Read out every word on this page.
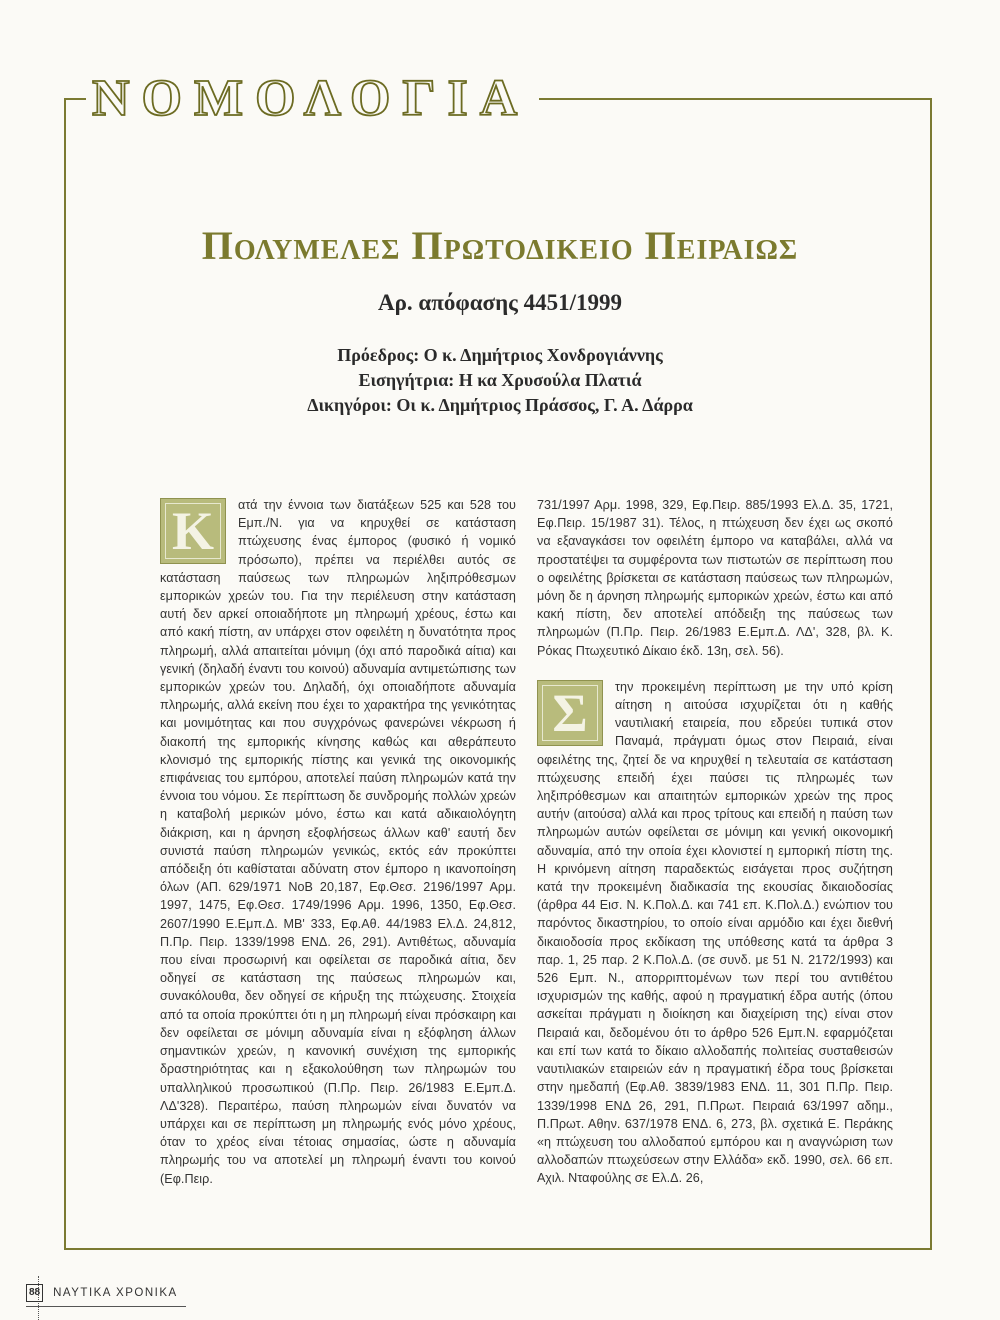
ΝΟΜΟΛΟΓΙΑ
Πολυμελες Πρωτοδικειο Πειραιως
Αρ. απόφασης 4451/1999
Πρόεδρος: Ο κ. Δημήτριος Χονδρογιάννης
Εισηγήτρια: Η κα Χρυσούλα Πλατιά
Δικηγόροι: Οι κ. Δημήτριος Πράσσος, Γ. Α. Δάρρα

Κ	ατά την έννοια των διατάξεων 525 και 528 του Εμπ./Ν. για να κηρυχθεί σε κατάσταση πτώχευσης ένας έμπορος (φυσικό ή νομικό πρόσωπο), πρέπει να περιέλθει αυτός σε κατάσταση παύσεως των πληρωμών ληξιπρόθεσμων εμπορικών χρεών του. Για την περιέλευση στην κατάσταση αυτή δεν αρκεί οποιαδήποτε μη πληρωμή χρέους, έστω και από κακή πίστη, αν υπάρχει στον οφειλέτη η δυνατότητα προς πληρωμή, αλλά απαιτείται μόνιμη (όχι από παροδικά αίτια) και γενική (δηλαδή έναντι του κοινού) αδυναμία αντιμετώπισης των εμπορικών χρεών του. Δηλαδή, όχι οποιαδήποτε αδυναμία πληρωμής, αλλά εκείνη που έχει το χαρακτήρα της γενικότητας και μονιμότητας και που συγχρόνως φανερώνει νέκρωση ή διακοπή της εμπορικής κίνησης καθώς και αθεράπευτο κλονισμό της εμπορικής πίστης και γενικά της οικονομικής επιφάνειας του εμπόρου, αποτελεί παύση πληρωμών κατά την έννοια του νόμου. Σε περίπτωση δε συνδρομής πολλών χρεών η καταβολή μερικών μόνο, έστω και κατά αδικαιολόγητη διάκριση, και η άρνηση εξοφλήσεως άλλων καθ' εαυτή δεν συνιστά παύση πληρωμών γενικώς, εκτός εάν προκύπτει απόδειξη ότι καθίσταται αδύνατη στον έμπορο η ικανοποίηση όλων (ΑΠ. 629/1971 ΝοΒ 20,187, Εφ.Θεσ. 2196/1997 Αρμ. 1997, 1475, Εφ.Θεσ. 1749/1996 Αρμ. 1996, 1350, Εφ.Θεσ. 2607/1990 Ε.Εμπ.Δ. ΜΒ' 333, Εφ.Αθ. 44/1983 Ελ.Δ. 24,812, Π.Πρ. Πειρ. 1339/1998 ΕΝΔ. 26, 291). Αντιθέτως, αδυναμία που είναι προσωρινή και οφείλεται σε παροδικά αίτια, δεν οδηγεί σε κατάσταση της παύσεως πληρωμών και, συνακόλουθα, δεν οδηγεί σε κήρυξη της πτώχευσης. Στοιχεία από τα οποία προκύπτει ότι η μη πληρωμή είναι πρόσκαιρη και δεν οφείλεται σε μόνιμη αδυναμία είναι η εξόφληση άλλων σημαντικών χρεών, η κανονική συνέχιση της εμπορικής δραστηριότητας και η εξακολούθηση των πληρωμών του υπαλληλικού προσωπικού (Π.Πρ. Πειρ. 26/1983 Ε.Εμπ.Δ. ΛΔ'328). Περαιτέρω, παύση πληρωμών είναι δυνατόν να υπάρχει και σε περίπτωση μη πληρωμής ενός μόνο χρέους, όταν το χρέος είναι τέτοιας σημασίας, ώστε η αδυναμία πληρωμής του να αποτελεί μη πληρωμή έναντι του κοινού (Εφ.Πειρ.

731/1997 Αρμ. 1998, 329, Εφ.Πειρ. 885/1993 Ελ.Δ. 35, 1721, Εφ.Πειρ. 15/1987 31). Τέλος, η πτώχευση δεν έχει ως σκοπό να εξαναγκάσει τον οφειλέτη έμπορο να καταβάλει, αλλά να προστατέψει τα συμφέροντα των πιστωτών σε περίπτωση που ο οφειλέτης βρίσκεται σε κατάσταση παύσεως των πληρωμών, μόνη δε η άρνηση πληρωμής εμπορικών χρεών, έστω και από κακή πίστη, δεν αποτελεί απόδειξη της παύσεως των πληρωμών (Π.Πρ. Πειρ. 26/1983 Ε.Εμπ.Δ. ΛΔ', 328, βλ. Κ. Ρόκας Πτωχευτικό Δίκαιο έκδ. 13η, σελ. 56).

Σ	την προκειμένη περίπτωση με την υπό κρίση αίτηση η αιτούσα ισχυρίζεται ότι η καθής ναυτιλιακή εταιρεία, που εδρεύει τυπικά στον Παναμά, πράγματι όμως στον Πειραιά, είναι οφειλέτης της, ζητεί δε να κηρυχθεί η τελευταία σε κατάσταση πτώχευσης επειδή έχει παύσει τις πληρωμές των ληξιπρόθεσμων και απαιτητών εμπορικών χρεών της προς αυτήν (αιτούσα) αλλά και προς τρίτους και επειδή η παύση των πληρωμών αυτών οφείλεται σε μόνιμη και γενική οικονομική αδυναμία, από την οποία έχει κλονιστεί η εμπορική πίστη της. Η κρινόμενη αίτηση παραδεκτώς εισάγεται προς συζήτηση κατά την προκειμένη διαδικασία της εκουσίας δικαιοδοσίας (άρθρα 44 Εισ. Ν. Κ.Πολ.Δ. και 741 επ. Κ.Πολ.Δ.) ενώπιον του παρόντος δικαστηρίου, το οποίο είναι αρμόδιο και έχει διεθνή δικαιοδοσία προς εκδίκαση της υπόθεσης κατά τα άρθρα 3 παρ. 1, 25 παρ. 2 Κ.Πολ.Δ. (σε συνδ. με 51 Ν. 2172/1993) και 526 Εμπ. Ν., απορριπτομένων των περί του αντιθέτου ισχυρισμών της καθής, αφού η πραγματική έδρα αυτής (όπου ασκείται πράγματι η διοίκηση και διαχείριση της) είναι στον Πειραιά και, δεδομένου ότι το άρθρο 526 Εμπ.Ν. εφαρμόζεται και επί των κατά το δίκαιο αλλοδαπής πολιτείας συσταθεισών ναυτιλιακών εταιρειών εάν η πραγματική έδρα τους βρίσκεται στην ημεδαπή (Εφ.Αθ. 3839/1983 ΕΝΔ. 11, 301 Π.Πρ. Πειρ. 1339/1998 ΕΝΔ 26, 291, Π.Πρωτ. Πειραιά 63/1997 αδημ., Π.Πρωτ. Αθην. 637/1978 ΕΝΔ. 6, 273, βλ. σχετικά Ε. Περάκης «η πτώχευση του αλλοδαπού εμπόρου και η αναγνώριση των αλλοδαπών πτωχεύσεων στην Ελλάδα» εκδ. 1990, σελ. 66 επ. Αχιλ. Νταφούλης σε Ελ.Δ. 26,

88 ΝΑΥΤΙΚΑ ΧΡΟΝΙΚΑ
